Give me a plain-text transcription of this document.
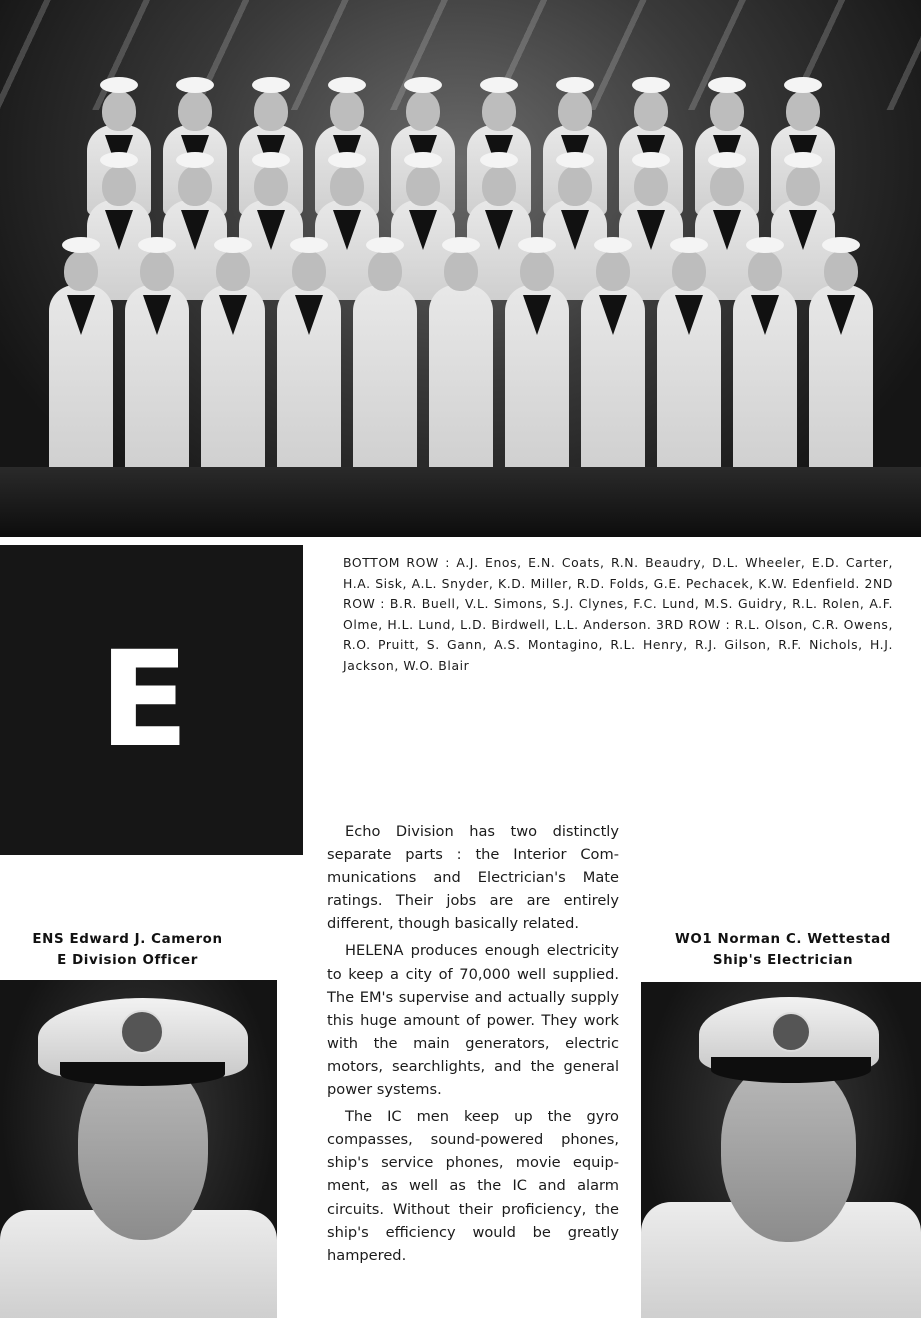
E
BOTTOM ROW : A.J. Enos, E.N. Coats, R.N. Beaudry, D.L. Wheeler, E.D. Carter, H.A. Sisk, A.L. Snyder, K.D. Miller, R.D. Folds, G.E. Pechacek, K.W. Edenfield. 2ND ROW : B.R. Buell, V.L. Simons, S.J. Clynes, F.C. Lund, M.S. Guidry, R.L. Rolen, A.F. Olme, H.L. Lund, L.D. Birdwell, L.L. Anderson. 3RD ROW : R.L. Olson, C.R. Owens, R.O. Pruitt, S. Gann, A.S. Montagino, R.L. Henry, R.J. Gilson, R.F. Nichols, H.J. Jackson, W.O. Blair

Echo Division has two distinctly separate parts : the Interior Communications and Electrician's Mate ratings. Their jobs are are entirely different, though basically related.

HELENA produces enough electricity to keep a city of 70,000 well supplied. The EM's supervise and actually supply this huge amount of power. They work with the main generators, electric motors, searchlights, and the general power systems.

The IC men keep up the gyro compasses, sound-powered phones, ship's service phones, movie equipment, as well as the IC and alarm circuits. Without their proficiency, the ship's efficiency would be greatly hampered.

ENS Edward J. Cameron
E Division Officer
WO1 Norman C. Wettestad
Ship's Electrician
